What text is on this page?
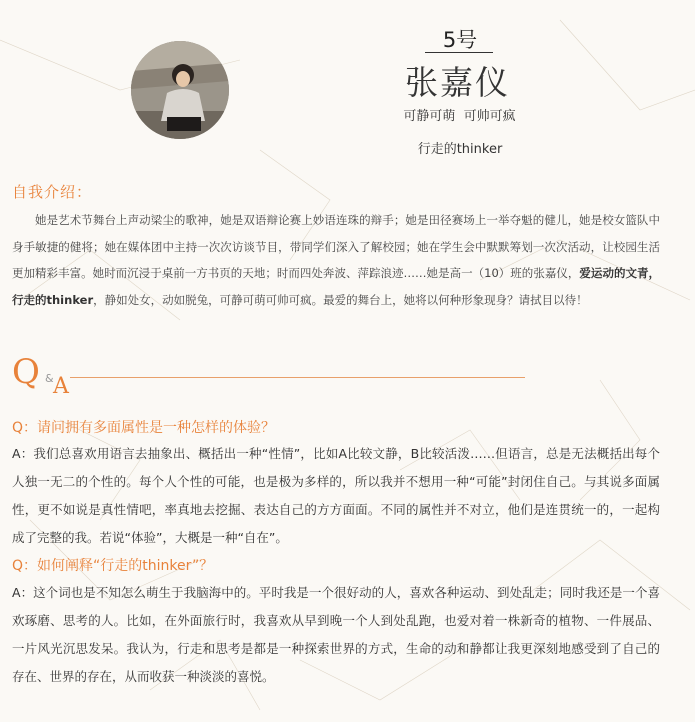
5号
张嘉仪
可静可萌  可帅可疯
行走的thinker
自我介绍：
她是艺术节舞台上声动梁尘的歌神，她是双语辩论赛上妙语连珠的辩手；她是田径赛场上一举夺魁的健儿，她是校女篮队中身手敏捷的健将；她在媒体团中主持一次次访谈节目，带同学们深入了解校园；她在学生会中默默筹划一次次活动，让校园生活更加精彩丰富。她时而沉浸于桌前一方书页的天地；时而四处奔波、萍踪浪迹……她是高一（10）班的张嘉仪，爱运动的文青，行走的thinker，静如处女，动如脱兔，可静可萌可帅可疯。最爱的舞台上，她将以何种形象现身？请拭目以待！
Q & A
Q：请问拥有多面属性是一种怎样的体验？
A：我们总喜欢用语言去抽象出、概括出一种“性情”，比如A比较文静，B比较活泼……但语言，总是无法概括出每个人独一无二的个性的。每个人个性的可能，也是极为多样的，所以我并不想用一种“可能”封闭住自己。与其说多面属性，更不如说是真性情吧，率真地去挖掘、表达自己的方方面面。不同的属性并不对立，他们是连贯统一的，一起构成了完整的我。若说“体验”，大概是一种“自在”。
Q：如何阐释“行走的thinker”？
A：这个词也是不知怎么萌生于我脑海中的。平时我是一个很好动的人，喜欢各种运动、到处乱走；同时我还是一个喜欢琢磨、思考的人。比如，在外面旅行时，我喜欢从早到晚一个人到处乱跑，也爱对着一株新奇的植物、一件展品、一片风光沉思发呆。我认为，行走和思考是都是一种探索世界的方式，生命的动和静都让我更深刻地感受到了自己的存在、世界的存在，从而收获一种淡淡的喜悦。
